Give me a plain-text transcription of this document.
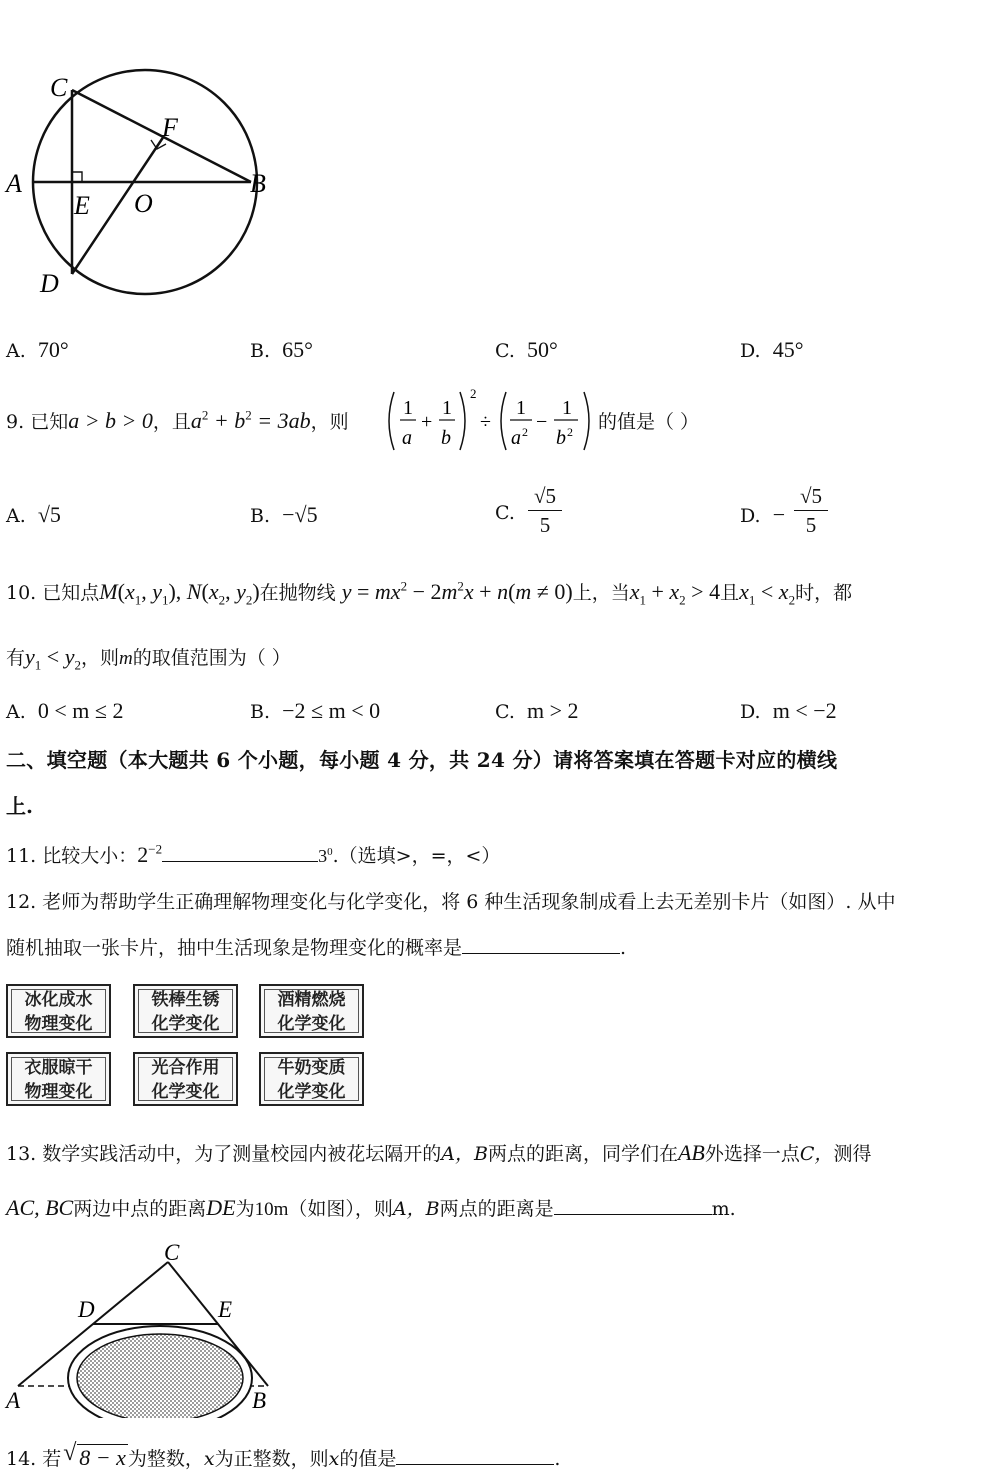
C
F
A
E O
B
D
A. 70°	B. 65°	C. 50°	D. 45°
9. 已知a > b > 0，且$a^2 + b^2 = 3ab$，则
1
a
+
1
b
2
÷
1
a 2 −
1
b 2 的值是（ ）
A. √5	B. −√5	C.
√5
5	D. −
√5
5
10. 已知点$M(x_1$, $y_1$), $N(x_2$, $y_2$)在抛物线 $y = mx^2 - 2m^2x + n(m \ne 0)$上，当$x_1 + x_2 > 4$且$x_1 < x_2$时，都
有$y_1 < y_2$，则m的取值范围为（ ）
A. 0 < m ≤ 2	B. −2 ≤ m < 0	C. m > 2	D. m < −2
二、填空题（本大题共 6 个小题，每小题 4 分，共 24 分）请将答案填在答题卡对应的横线
上.
11. 比较大小：$2^{-2}$	$3^0$.（选填>，=，<）
12. 老师为帮助学生正确理解物理变化与化学变化，将 6 种生活现象制成看上去无差别卡片（如图）. 从中
随机抽取一张卡片，抽中生活现象是物理变化的概率是	.
冰化成水
物理变化
铁棒生锈
化学变化
酒精燃烧
化学变化
衣服晾干
物理变化
光合作用
化学变化
牛奶变质
化学变化
13. 数学实践活动中，为了测量校园内被花坛隔开的A，B两点的距离，同学们在AB外选择一点C，测得
AC, BC两边中点的距离DE为10m（如图），则A，B两点的距离是	m.
C
D	E
A	B
14. 若 √ 8 − x 为整数，x为正整数，则x的值是	.
